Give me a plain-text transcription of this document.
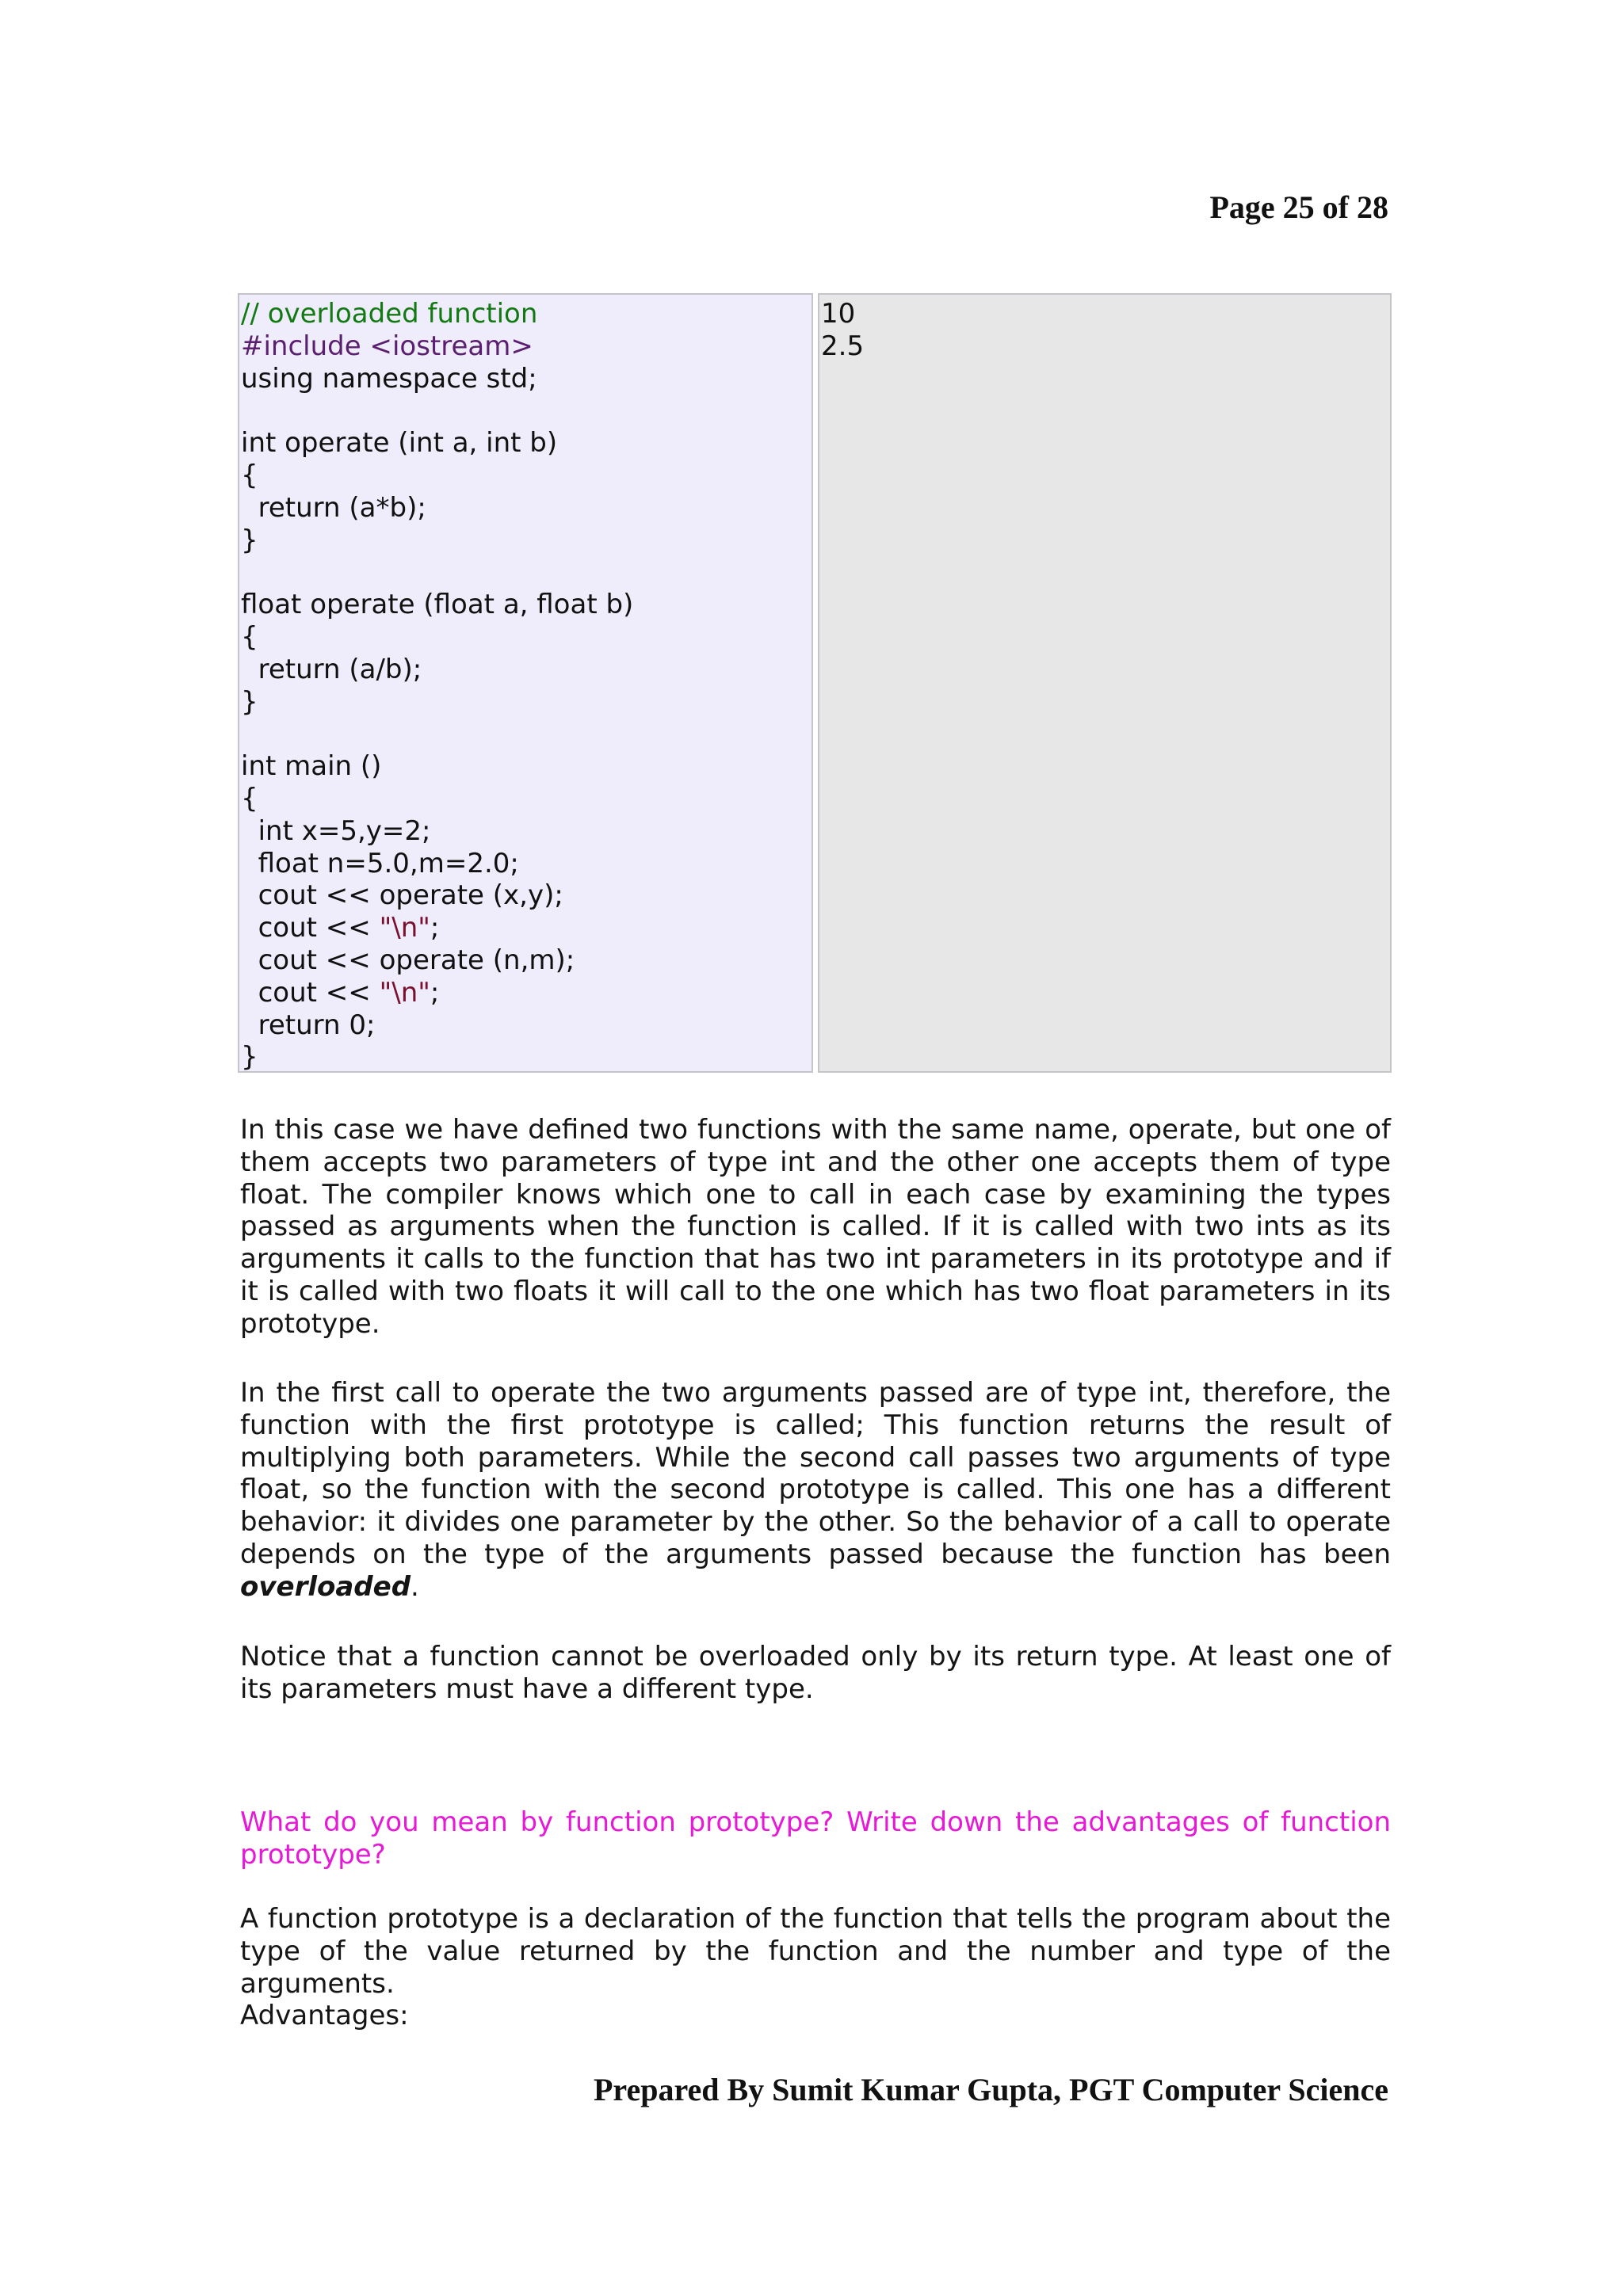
Page 25 of 28
// overloaded function
#include <iostream>
using namespace std;
int operate (int a, int b)
{
return (a*b);
}
float operate (float a, float b)
{
return (a/b);
}
int main ()
{
int x=5,y=2;
float n=5.0,m=2.0;
cout << operate (x,y);
cout << "\n";
cout << operate (n,m);
cout << "\n";
return 0;
}
10
2.5

In this case we have defined two functions with the same name, operate, but one of them accepts two parameters of type int and the other one accepts them of type float. The compiler knows which one to call in each case by examining the types passed as arguments when the function is called. If it is called with two ints as its arguments it calls to the function that has two int parameters in its prototype and if it is called with two floats it will call to the one which has two float parameters in its prototype.

In the first call to operate the two arguments passed are of type int, therefore, the function with the first prototype is called; This function returns the result of multiplying both parameters. While the second call passes two arguments of type float, so the function with the second prototype is called. This one has a different behavior: it divides one parameter by the other. So the behavior of a call to operate depends on the type of the arguments passed because the function has been overloaded.

Notice that a function cannot be overloaded only by its return type. At least one of its parameters must have a different type.

What do you mean by function prototype? Write down the advantages of function prototype?

A function prototype is a declaration of the function that tells the program about the type of the value returned by the function and the number and type of the arguments.

Advantages:

Prepared By Sumit Kumar Gupta, PGT Computer Science
